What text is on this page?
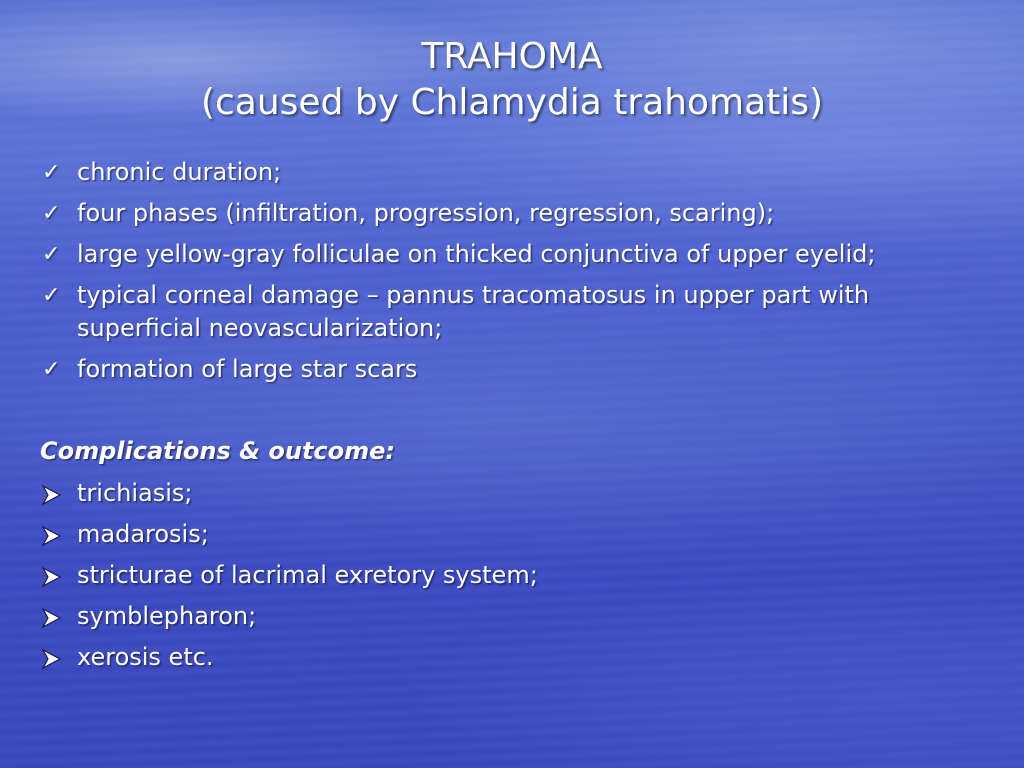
TRAHOMA
(caused by Chlamydia trahomatis)
✓ chronic duration;
✓ four phases (infiltration, progression, regression, scaring);
✓ large yellow-gray folliculae on thicked conjunctiva of upper eyelid;
✓ typical corneal damage – pannus tracomatosus in upper part with superficial neovascularization;
✓ formation of large star scars
Complications & outcome:
trichiasis;
madarosis;
stricturae of lacrimal exretory system;
symblepharon;
xerosis etc.
